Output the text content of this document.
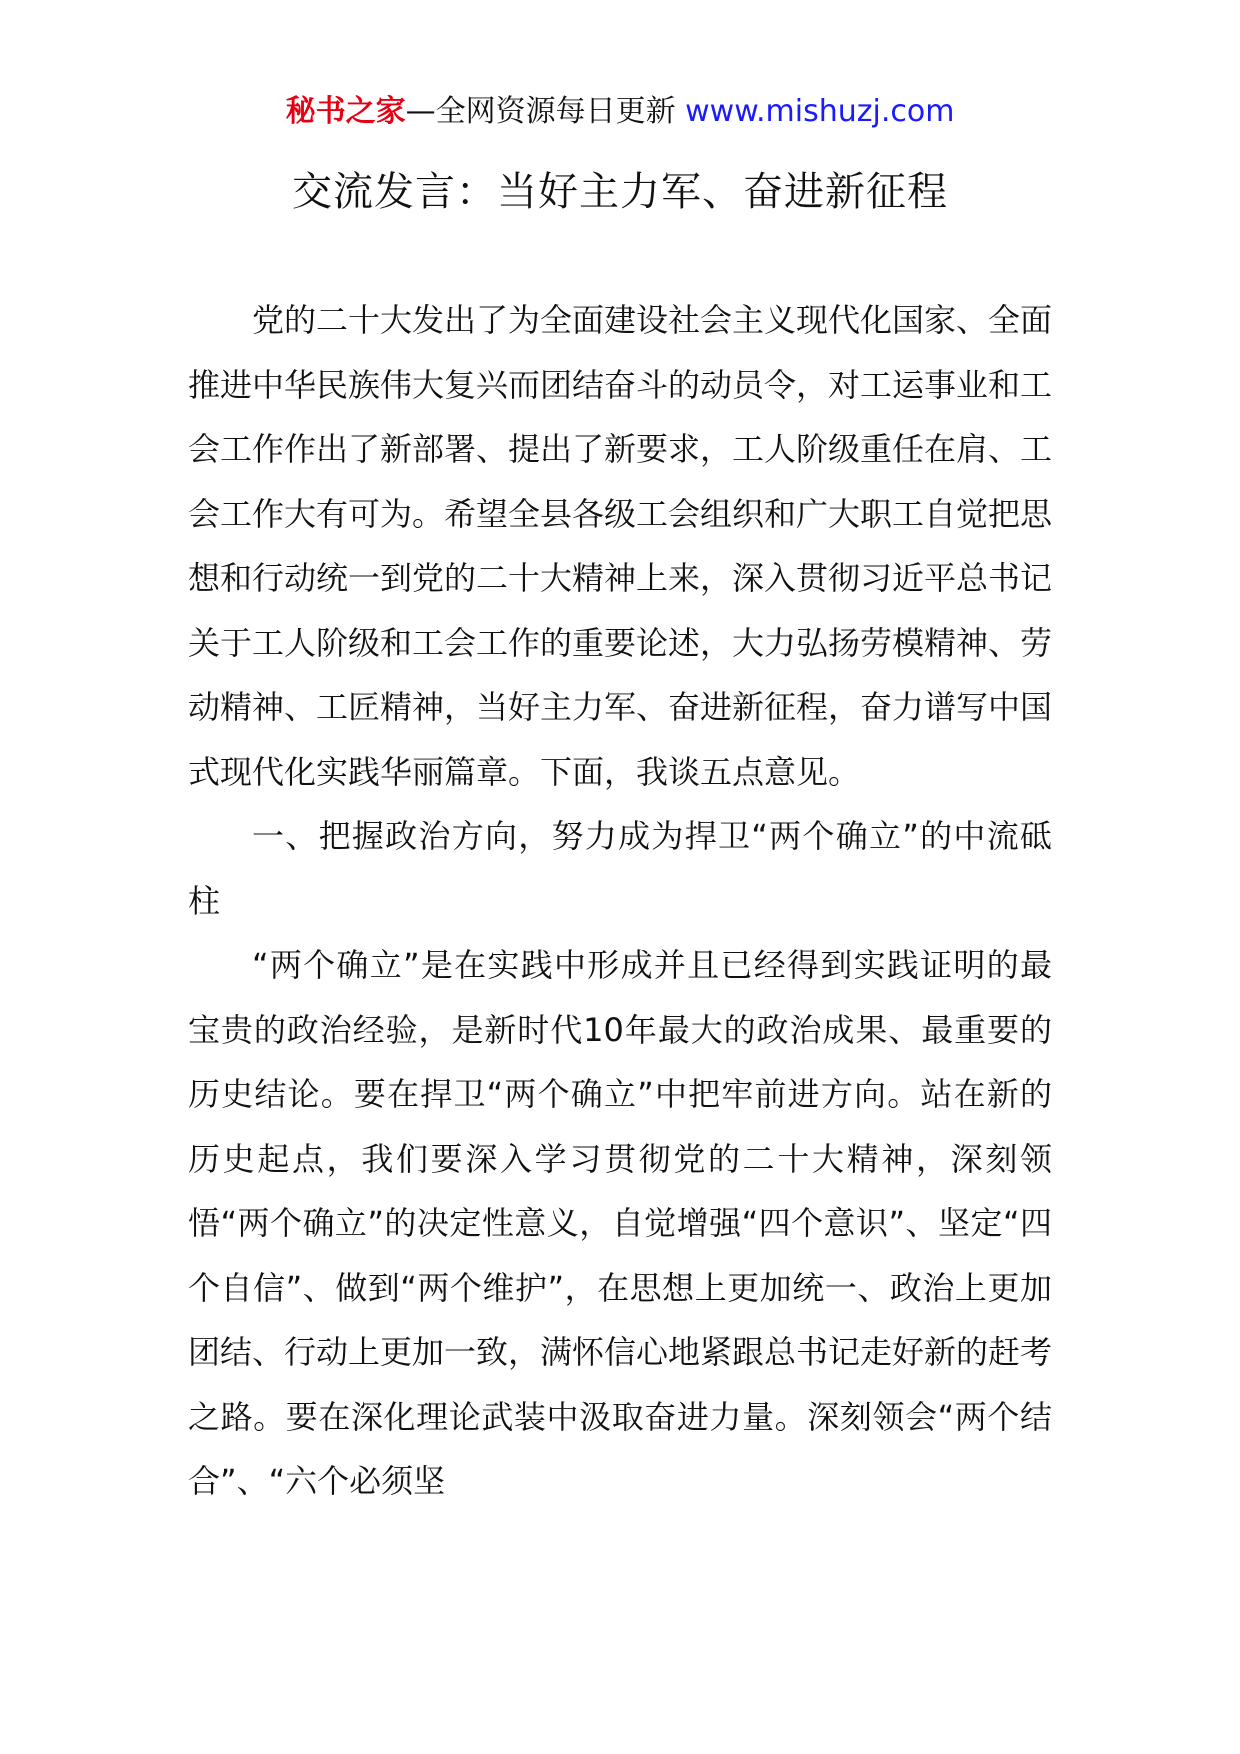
秘书之家—全网资源每日更新 www.mishuzj.com
交流发言：当好主力军、奋进新征程

党的二十大发出了为全面建设社会主义现代化国家、全面推进中华民族伟大复兴而团结奋斗的动员令，对工运事业和工会工作作出了新部署、提出了新要求，工人阶级重任在肩、工会工作大有可为。希望全县各级工会组织和广大职工自觉把思想和行动统一到党的二十大精神上来，深入贯彻习近平总书记关于工人阶级和工会工作的重要论述，大力弘扬劳模精神、劳动精神、工匠精神，当好主力军、奋进新征程，奋力谱写中国式现代化实践华丽篇章。下面，我谈五点意见。

一、把握政治方向，努力成为捍卫“两个确立”的中流砥柱

“两个确立”是在实践中形成并且已经得到实践证明的最宝贵的政治经验，是新时代10年最大的政治成果、最重要的历史结论。要在捍卫“两个确立”中把牢前进方向。站在新的历史起点，我们要深入学习贯彻党的二十大精神，深刻领悟“两个确立”的决定性意义，自觉增强“四个意识”、坚定“四个自信”、做到“两个维护”，在思想上更加统一、政治上更加团结、行动上更加一致，满怀信心地紧跟总书记走好新的赶考之路。要在深化理论武装中汲取奋进力量。深刻领会“两个结合”、“六个必须坚
